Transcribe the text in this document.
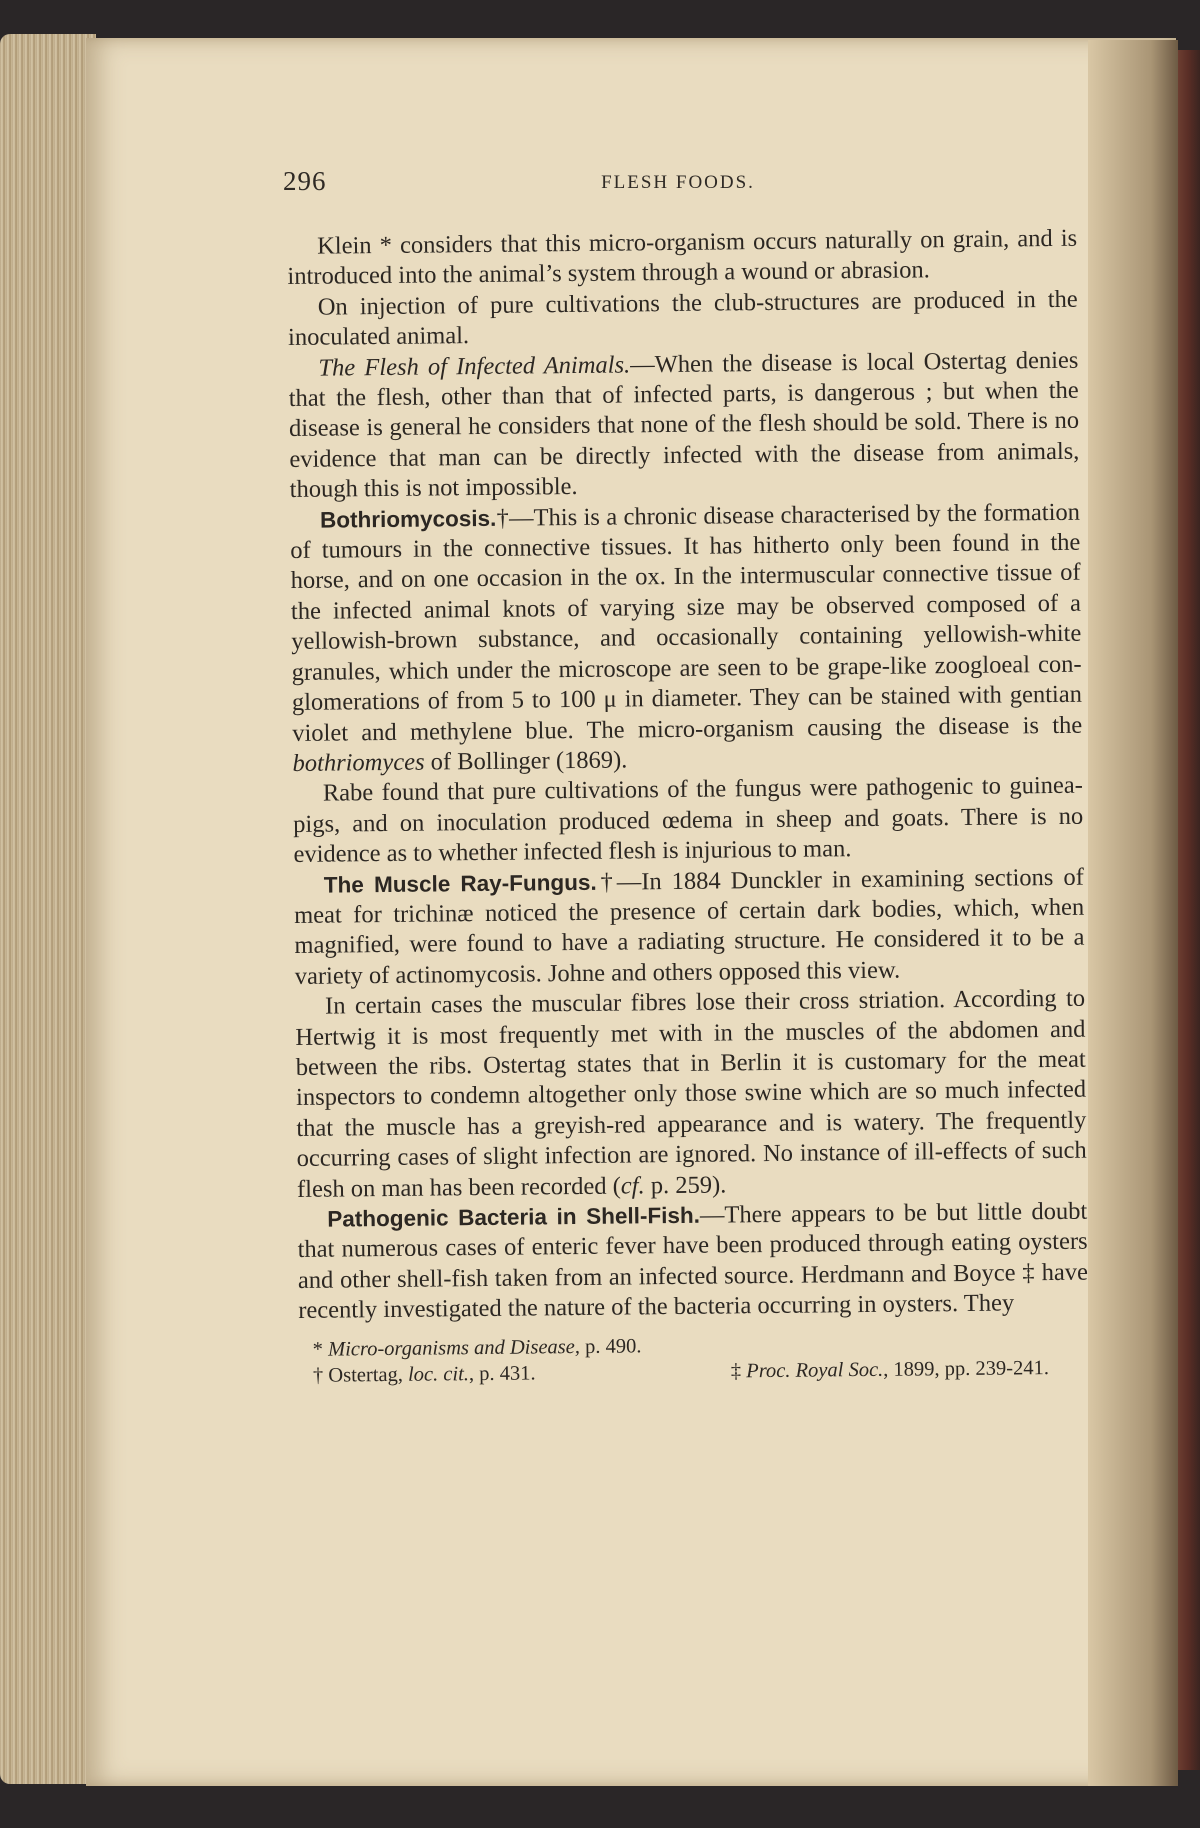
296	FLESH FOODS.

Klein * considers that this micro-organism occurs naturally on grain, and is introduced into the animal’s system through a wound or abrasion.

On injection of pure cultivations the club-structures are produced in the inoculated animal.

The Flesh of Infected Animals.—When the disease is local Ostertag denies that the flesh, other than that of infected parts, is dangerous ; but when the disease is general he considers that none of the flesh should be sold. There is no evidence that man can be directly infected with the disease from animals, though this is not impossible.

Bothriomycosis.†—This is a chronic disease characterised by the formation of tumours in the connective tissues. It has hitherto only been found in the horse, and on one occasion in the ox. In the intermuscular connective tissue of the infected animal knots of varying size may be observed composed of a yellowish-brown substance, and occasionally containing yellowish-white granules, which under the microscope are seen to be grape-like zoogloeal conglomerations of from 5 to 100 μ in diameter. They can be stained with gentian violet and methylene blue. The micro-organism causing the disease is the bothriomyces of Bollinger (1869).

Rabe found that pure cultivations of the fungus were pathogenic to guinea-pigs, and on inoculation produced œdema in sheep and goats. There is no evidence as to whether infected flesh is injurious to man.

The Muscle Ray-Fungus.†—In 1884 Dunckler in examining sections of meat for trichinæ noticed the presence of certain dark bodies, which, when magnified, were found to have a radiating structure. He considered it to be a variety of actinomycosis. Johne and others opposed this view.

In certain cases the muscular fibres lose their cross striation. According to Hertwig it is most frequently met with in the muscles of the abdomen and between the ribs. Ostertag states that in Berlin it is customary for the meat inspectors to condemn altogether only those swine which are so much infected that the muscle has a greyish-red appearance and is watery. The frequently occurring cases of slight infection are ignored. No instance of ill-effects of such flesh on man has been recorded (cf. p. 259).

Pathogenic Bacteria in Shell-Fish.—There appears to be but little doubt that numerous cases of enteric fever have been produced through eating oysters and other shell-fish taken from an infected source. Herdmann and Boyce ‡ have recently investigated the nature of the bacteria occurring in oysters. They

* Micro-organisms and Disease, p. 490.

† Ostertag, loc. cit., p. 431.	‡ Proc. Royal Soc., 1899, pp. 239-241.
